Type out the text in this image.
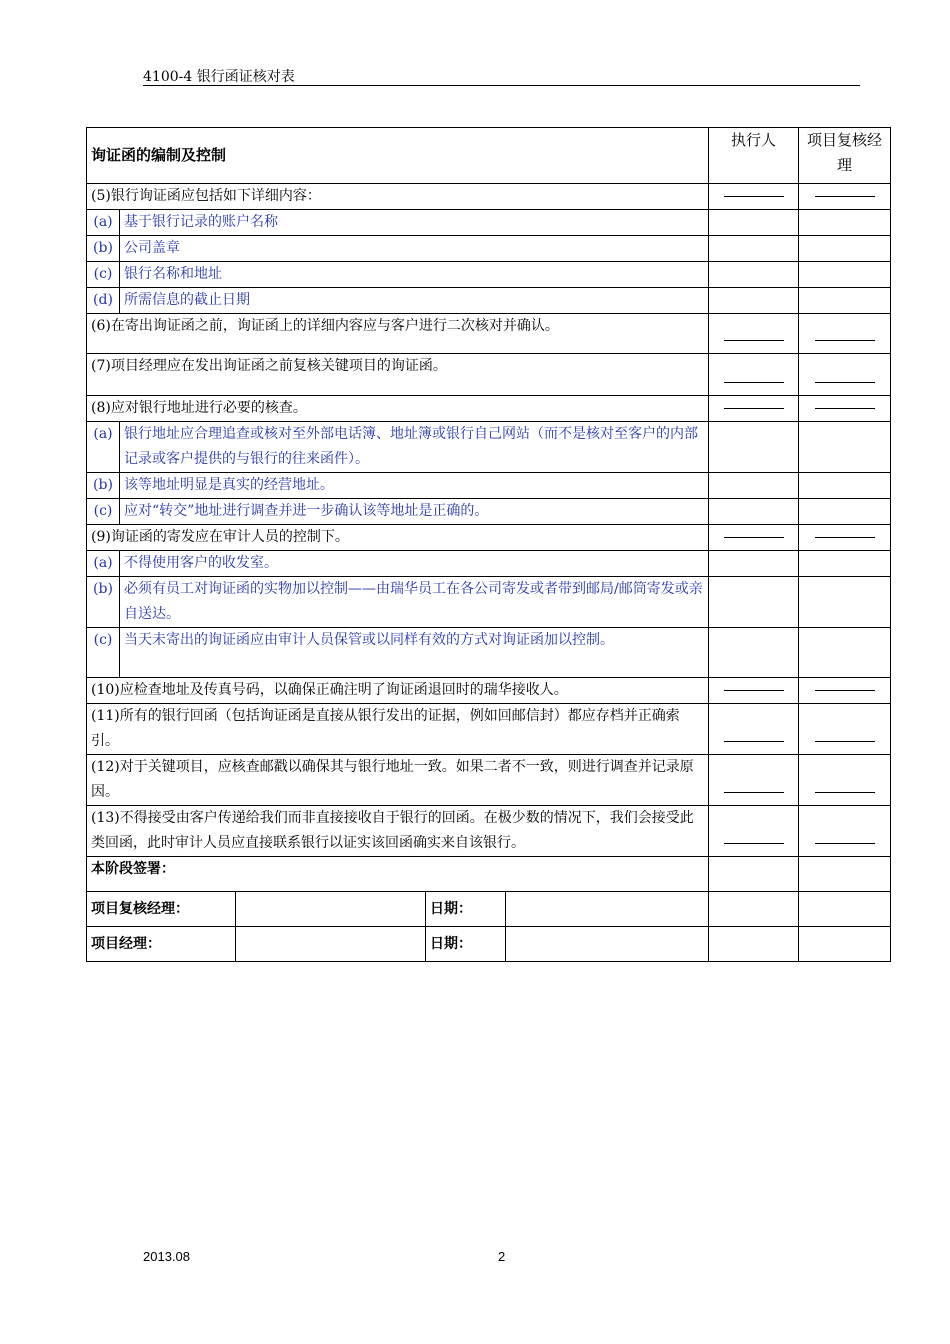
4100-4 银行函证核对表
询证函的编制及控制					执行人	项目复核经理
(5)银行询证函应包括如下详细内容：						
(a)	基于银行记录的账户名称					
(b)	公司盖章					
(c)	银行名称和地址					
(d)	所需信息的截止日期					
(6)在寄出询证函之前，询证函上的详细内容应与客户进行二次核对并确认。						
(7)项目经理应在发出询证函之前复核关键项目的询证函。						
(8)应对银行地址进行必要的核查。						
(a)	银行地址应合理追查或核对至外部电话簿、地址簿或银行自己网站（而不是核对至客户的内部记录或客户提供的与银行的往来函件）。					
(b)	该等地址明显是真实的经营地址。					
(c)	应对“转交”地址进行调查并进一步确认该等地址是正确的。					
(9)询证函的寄发应在审计人员的控制下。						
(a)	不得使用客户的收发室。					
(b)	必须有员工对询证函的实物加以控制——由瑞华员工在各公司寄发或者带到邮局/邮筒寄发或亲自送达。					
(c)	当天未寄出的询证函应由审计人员保管或以同样有效的方式对询证函加以控制。					
(10)应检查地址及传真号码，以确保正确注明了询证函退回时的瑞华接收人。						
(11)所有的银行回函（包括询证函是直接从银行发出的证据，例如回邮信封）都应存档并正确索引。						
(12)对于关键项目，应核查邮戳以确保其与银行地址一致。如果二者不一致，则进行调查并记录原因。						
(13)不得接受由客户传递给我们而非直接接收自于银行的回函。在极少数的情况下，我们会接受此类回函，此时审计人员应直接联系银行以证实该回函确实来自该银行。						
本阶段签署：						
项目复核经理：			日期：			
项目经理：			日期：			
2013.08	2
